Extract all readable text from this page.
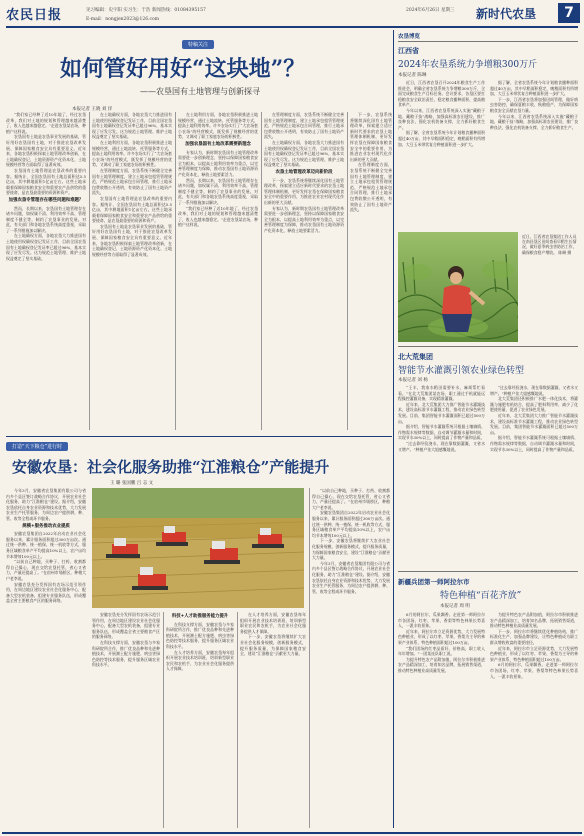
农民日报	见习编辑：史宇阳 实习生：于浩 新闻热线：01084395157
E-mail：nongjen2023@126.com
2024年6月26日 星期三 新时代农垦	7
特稿关注
如何管好用好“这块地”？
——农垦国有土地管理与创新探寻
本报记者 王晓 刘 洋

“我们家已经种了近10年地了，经过农垦改革，我们对土地的规划和管理越来越清楚了，收入也越来越稳定。”走进农垦某农场，种植户这样说。

农垦国有土地是农垦事业发展的基础，管好用好农垦国有土地，对于推进农垦改革发展、保障国家粮食安全具有重要意义。近年来，各地农垦积极探索土地管理改革创新，在土地确权登记、土地资源资产化资本化、土地规模经营等方面取得了显著成效。

农垦国有土地管理是农垦改革的重要内容。据统计，全国农垦国有土地总面积达5.5亿亩，其中耕地面积1亿亩左右。这些土地承载着保障国家粮食安全和重要农产品供给的重要使命，是农垦最重要的资源和资产。

加强农垦专管理存在哪些问题和难题？

然而，长期以来，农垦国有土地管理存在诸多问题，如权属不清、利用效率不高、管理制度不健全等，制约了农垦事业的发展。对此，有关部门和各地农垦系统高度重视，采取了一系列措施加以解决。

在土地确权方面，各地农垦大力推进国有土地使用权确权登记发证工作，目前全国农垦国有土地确权登记发证率已超过96%，基本实现了应发尽发。这为规范土地管理、维护土地权益奠定了坚实基础。

在土地确权方面，各地农垦大力推进国有土地使用权确权登记发证工作，目前全国农垦国有土地确权登记发证率已超过96%，基本实现了应发尽发。这为规范土地管理、维护土地权益奠定了坚实基础。

在土地利用方面，各地农垦积极推进土地规模经营，通过土地流转、托管服务等方式，提高土地利用效率。许多农场实行了“大农场套小农场”的经营模式，既发挥了规模经营的优势，又调动了职工家庭农场的积极性。

在管理制度方面，农垦系统不断健全完善国有土地管理制度，建立土地承包租赁管理规范，严格规范土地承包合同管理，推行土地承包费收缴公开透明，有效防止了国有土地资产流失。

农垦国有土地管理是农垦改革的重要内容。据统计，全国农垦国有土地总面积达5.5亿亩，其中耕地面积1亿亩左右。这些土地承载着保障国家粮食安全和重要农产品供给的重要使命，是农垦最重要的资源和资产。

农垦国有土地是农垦事业发展的基础，管好用好农垦国有土地，对于推进农垦改革发展、保障国家粮食安全具有重要意义。近年来，各地农垦积极探索土地管理改革创新，在土地确权登记、土地资源资产化资本化、土地规模经营等方面取得了显著成效。

在土地利用方面，各地农垦积极推进土地规模经营，通过土地流转、托管服务等方式，提高土地利用效率。许多农场实行了“大农场套小农场”的经营模式，既发挥了规模经营的优势，又调动了职工家庭农场的积极性。

加强农垦国有土地改革需要新理念

专家认为，新时期农垦国有土地管理改革需要进一步创新理念，坚持以保障国家粮食安全为根本，以提高土地利用效率为重点，以完善管理制度为保障，推动农垦国有土地资源资产化资本化，释放土地要素活力。

然而，长期以来，农垦国有土地管理存在诸多问题，如权属不清、利用效率不高、管理制度不健全等，制约了农垦事业的发展。对此，有关部门和各地农垦系统高度重视，采取了一系列措施加以解决。

“我们家已经种了近10年地了，经过农垦改革，我们对土地的规划和管理越来越清楚了，收入也越来越稳定。”走进农垦某农场，种植户这样说。

在管理制度方面，农垦系统不断健全完善国有土地管理制度，建立土地承包租赁管理规范，严格规范土地承包合同管理，推行土地承包费收缴公开透明，有效防止了国有土地资产流失。

在土地确权方面，各地农垦大力推进国有土地使用权确权登记发证工作，目前全国农垦国有土地确权登记发证率已超过96%，基本实现了应发尽发。这为规范土地管理、维护土地权益奠定了坚实基础。

农垦土地管理改革迈向新阶段

下一步，农垦系统将继续深化国有土地管理改革，探索建立适应新时代要求的农垦土地管理体制机制，更好发挥农垦在保障国家粮食安全中的重要作用，为推进农业农村现代化作出新的更大贡献。

专家认为，新时期农垦国有土地管理改革需要进一步创新理念，坚持以保障国家粮食安全为根本，以提高土地利用效率为重点，以完善管理制度为保障，推动农垦国有土地资源资产化资本化，释放土地要素活力。

下一步，农垦系统将继续深化国有土地管理改革，探索建立适应新时代要求的农垦土地管理体制机制，更好发挥农垦在保障国家粮食安全中的重要作用，为推进农业农村现代化作出新的更大贡献。

在管理制度方面，农垦系统不断健全完善国有土地管理制度，建立土地承包租赁管理规范，严格规范土地承包合同管理，推行土地承包费收缴公开透明，有效防止了国有土地资产流失。

农垦博览
江西省
2024年农垦系统力争增粮300万斤
本报记者 陈琳

近日，江西省农垦召开2024年粮食生产工作推进会，明确全省农垦系统力争增粮300万斤，全面完成粮食生产目标任务。会议要求，各垦区要扛稳粮食安全政治责任，稳定粮食播种面积，提高粮食单产。

今年以来，江西省农垦系统深入实施“藏粮于地、藏粮于技”战略，加强高标准农田建设，推广良种良法，强化农机装备支撑，全力抓好粮食生产。

据了解，全省农垦系统今年计划粮食播种面积超过40万亩，其中早稻面积稳定，晚稻面积有所增加，大豆玉米带状复合种植面积进一步扩大。

据了解，全省农垦系统今年计划粮食播种面积超过40万亩，其中早稻面积稳定，晚稻面积有所增加，大豆玉米带状复合种植面积进一步扩大。

下一步，江西省农垦将加强田间管理，做好病虫害防控，确保夏粮丰收、秋粮稳产，为保障国家粮食安全贡献农垦力量。

今年以来，江西省农垦系统深入实施“藏粮于地、藏粮于技”战略，加强高标准农田建设，推广良种良法，强化农机装备支撑，全力抓好粮食生产。

近日，江西省农垦集团工作人员在南昌垦区田间查看早稻生长情况，做好夏季病虫害防治工作，确保粮食稳产增收。 陈琳 摄
北大荒集团
智能节水灌溉引领农业绿色转型
本报记者 刘 杨

“王丰，我家水稻田需要补水，麻烦帮忙看看。”在北大荒集团某农场，职工通过手机就能远程操控灌溉设备，实现精准灌溉。

近年来，北大荒集团大力推广智能节水灌溉技术，建设高标准节水灌溉工程，推动农业绿色转型发展。目前，集团智能节水灌溉面积已超过500万亩。

据介绍，智能节水灌溉系统可根据土壤墒情、作物需水规律等数据，自动调节灌溉水量和时间，实现节水30%以上，同时提高了作物产量和品质。

“过去靠经验浇水，现在靠数据灌溉，又省水又增产。”种植户张大姐感慨地说。

“过去靠经验浇水，现在靠数据灌溉，又省水又增产。”种植户张大姐感慨地说。

北大荒集团还积极推广水肥一体化技术，将灌溉与施肥有机结合，提高了肥料利用率，减少了化肥使用量，促进了农业绿色发展。

近年来，北大荒集团大力推广智能节水灌溉技术，建设高标准节水灌溉工程，推动农业绿色转型发展。目前，集团智能节水灌溉面积已超过500万亩。

据介绍，智能节水灌溉系统可根据土壤墒情、作物需水规律等数据，自动调节灌溉水量和时间，实现节水30%以上，同时提高了作物产量和品质。

新疆兵团第一师阿拉尔市
特色种植“百花齐放”
本报记者 周 明

6月的阿拉尔，瓜果飘香。走进第一师阿拉尔市各团场，红枣、苹果、香梨等特色林果长势喜人，一派丰收景象。

近年来，阿拉尔市立足资源优势，大力发展特色种植业，形成了以红枣、苹果、香梨为主导的林果产业体系，特色种植面积超过100万亩。

“我们团场的红枣品质好、价格高，职工收入年年增加。”一团某连队职工说。

为提升特色农产品附加值，阿拉尔市积极推进农产品精深加工，培育知名品牌，拓展销售渠道，推动特色种植业高质量发展。

为提升特色农产品附加值，阿拉尔市积极推进农产品精深加工，培育知名品牌，拓展销售渠道，推动特色种植业高质量发展。

下一步，阿拉尔市将继续优化种植结构，推广标准化生产，加强品牌建设，让特色种植成为职工群众增收致富的重要途径。

近年来，阿拉尔市立足资源优势，大力发展特色种植业，形成了以红枣、苹果、香梨为主导的林果产业体系，特色种植面积超过100万亩。

6月的阿拉尔，瓜果飘香。走进第一师阿拉尔市各团场，红枣、苹果、香梨等特色林果长势喜人，一派丰收景象。

打造“天下粮仓”进行时
安徽农垦：社会化服务助推“江淮粮仓”产能提升
王 璐 张国鹏 吕 志 文

今年3月，安徽省农垦集团有限公司与省内多个县区签订战略合作协议，开展农业社会化服务，助力“江淮粮仓”建设。据介绍，安徽农垦依托自身农业资源和技术优势，大力发展农业生产托管服务，为周边农户提供耕、种、管、收等全程或环节服务。

规模+服务推动农业提质

安徽农垦集团自2022年启动农业社会化服务以来，累计服务面积超过300万亩次。通过统一供种、统一植保、统一机收等方式，服务区域粮食单产平均提高10%以上，农户亩均节本增效100元以上。

“以前自己种地，买种子、打药、收割都得自己操心，现在交给农垦托管，省心又省力，产量还提高了。”在宿州市埇桥区，种粮大户老李说。

安徽农垦充分发挥国有农场示范引领作用，在周边地区建设农业社会化服务中心，配备大型农机装备，组建专业服务队伍，形成覆盖全省主要粮食产区的服务网络。

安徽农垦充分发挥国有农场示范引领作用，在周边地区建设农业社会化服务中心，配备大型农机装备，组建专业服务队伍，形成覆盖全省主要粮食产区的服务网络。

在科技支撑方面，安徽农垦与多家科研院所合作，推广优良品种和先进种植技术，开展测土配方施肥、病虫害绿色防控等技术服务，提升服务区域农业科技水平。

科技+人才助推服务能力提升

在科技支撑方面，安徽农垦与多家科研院所合作，推广优良品种和先进种植技术，开展测土配方施肥、病虫害绿色防控等技术服务，提升服务区域农业科技水平。

在人才培养方面，安徽农垦每年组织开展农业技术培训班，培训新型职业农民和农机手，为农业社会化服务提供人才保障。

在人才培养方面，安徽农垦每年组织开展农业技术培训班，培训新型职业农民和农机手，为农业社会化服务提供人才保障。

下一步，安徽农垦将继续扩大农业社会化服务规模，创新服务模式，提升服务质量，为保障国家粮食安全、建设“江淮粮仓”贡献更大力量。

“以前自己种地，买种子、打药、收割都得自己操心，现在交给农垦托管，省心又省力，产量还提高了。”在宿州市埇桥区，种粮大户老李说。

安徽农垦集团自2022年启动农业社会化服务以来，累计服务面积超过300万亩次。通过统一供种、统一植保、统一机收等方式，服务区域粮食单产平均提高10%以上，农户亩均节本增效100元以上。

下一步，安徽农垦将继续扩大农业社会化服务规模，创新服务模式，提升服务质量，为保障国家粮食安全、建设“江淮粮仓”贡献更大力量。

今年3月，安徽省农垦集团有限公司与省内多个县区签订战略合作协议，开展农业社会化服务，助力“江淮粮仓”建设。据介绍，安徽农垦依托自身农业资源和技术优势，大力发展农业生产托管服务，为周边农户提供耕、种、管、收等全程或环节服务。
